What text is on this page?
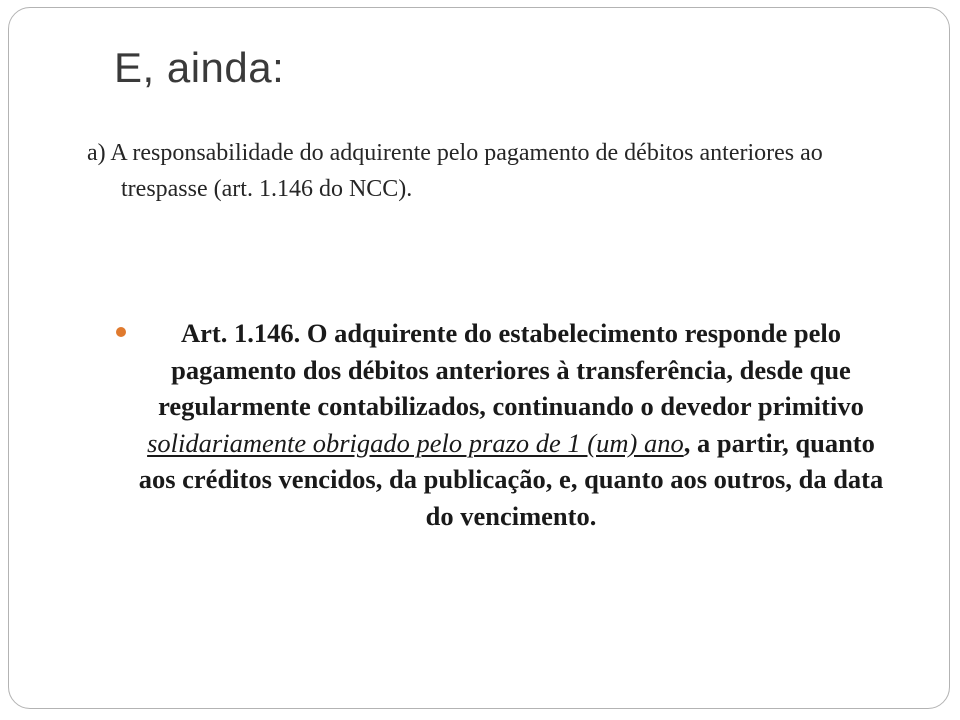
E, ainda:
a) A responsabilidade do adquirente pelo pagamento de débitos anteriores ao trespasse (art. 1.146 do NCC).

Art. 1.146. O adquirente do estabelecimento responde pelo pagamento dos débitos anteriores à transferência, desde que regularmente contabilizados, continuando o devedor primitivo solidariamente obrigado pelo prazo de 1 (um) ano, a partir, quanto aos créditos vencidos, da publicação, e, quanto aos outros, da data do vencimento.
